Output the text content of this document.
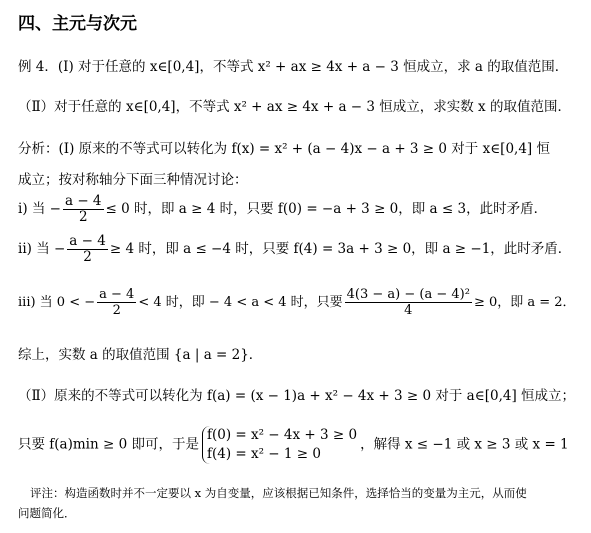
四、主元与次元
例 4．(Ⅰ) 对于任意的 x∈[0,4]，不等式 x² + ax ≥ 4x + a − 3 恒成立，求 a 的取值范围．
（Ⅱ）对于任意的 x∈[0,4]，不等式 x² + ax ≥ 4x + a − 3 恒成立，求实数 x 的取值范围．
分析：(Ⅰ) 原来的不等式可以转化为 f(x) = x² + (a − 4)x − a + 3 ≥ 0 对于 x∈[0,4] 恒
成立；按对称轴分下面三种情况讨论：
i) 当 − $\frac{a - 4}{2} \le 0$ 时，即 a ≥ 4 时，只要 f(0) = −a + 3 ≥ 0，即 a ≤ 3，此时矛盾．
ii) 当 − $\frac{a - 4}{2} \ge 4$ 时，即 a ≤ −4 时，只要 f(4) = 3a + 3 ≥ 0，即 a ≥ −1，此时矛盾．
iii) 当 0 < − $\frac{a - 4}{2} < 4$ 时，即 − 4 < a < 4 时，只要 $\frac{\text{4(3 − a) − (a − 4)²}}{4} \ge 0$，即 a = 2．
综上，实数 a 的取值范围 {a | a = 2}．
（Ⅱ）原来的不等式可以转化为 f(a) = (x − 1)a + x² − 4x + 3 ≥ 0 对于 a∈[0,4] 恒成立；
只要 f(a)min ≥ 0 即可，于是
f(0) = x² − 4x + 3 ≥ 0
f(4) = x² − 1 ≥ 0
，解得 x ≤ −1 或 x ≥ 3 或 x = 1
评注：构造函数时并不一定要以 x 为自变量，应该根据已知条件，选择恰当的变量为主元，从而使
问题简化．
